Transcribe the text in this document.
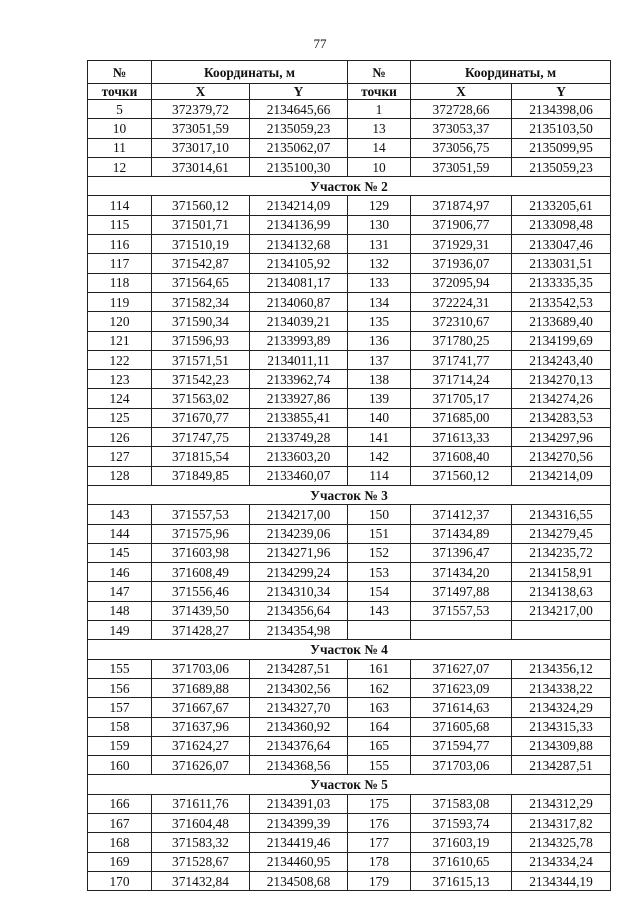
77
№	Координаты, м		№	Координаты, м	
точки	X	Y	точки	X	Y
5	372379,72	2134645,66	1	372728,66	2134398,06
10	373051,59	2135059,23	13	373053,37	2135103,50
11	373017,10	2135062,07	14	373056,75	2135099,95
12	373014,61	2135100,30	10	373051,59	2135059,23
Участок № 2					
114	371560,12	2134214,09	129	371874,97	2133205,61
115	371501,71	2134136,99	130	371906,77	2133098,48
116	371510,19	2134132,68	131	371929,31	2133047,46
117	371542,87	2134105,92	132	371936,07	2133031,51
118	371564,65	2134081,17	133	372095,94	2133335,35
119	371582,34	2134060,87	134	372224,31	2133542,53
120	371590,34	2134039,21	135	372310,67	2133689,40
121	371596,93	2133993,89	136	371780,25	2134199,69
122	371571,51	2134011,11	137	371741,77	2134243,40
123	371542,23	2133962,74	138	371714,24	2134270,13
124	371563,02	2133927,86	139	371705,17	2134274,26
125	371670,77	2133855,41	140	371685,00	2134283,53
126	371747,75	2133749,28	141	371613,33	2134297,96
127	371815,54	2133603,20	142	371608,40	2134270,56
128	371849,85	2133460,07	114	371560,12	2134214,09
Участок № 3					
143	371557,53	2134217,00	150	371412,37	2134316,55
144	371575,96	2134239,06	151	371434,89	2134279,45
145	371603,98	2134271,96	152	371396,47	2134235,72
146	371608,49	2134299,24	153	371434,20	2134158,91
147	371556,46	2134310,34	154	371497,88	2134138,63
148	371439,50	2134356,64	143	371557,53	2134217,00
149	371428,27	2134354,98			
Участок № 4					
155	371703,06	2134287,51	161	371627,07	2134356,12
156	371689,88	2134302,56	162	371623,09	2134338,22
157	371667,67	2134327,70	163	371614,63	2134324,29
158	371637,96	2134360,92	164	371605,68	2134315,33
159	371624,27	2134376,64	165	371594,77	2134309,88
160	371626,07	2134368,56	155	371703,06	2134287,51
Участок № 5					
166	371611,76	2134391,03	175	371583,08	2134312,29
167	371604,48	2134399,39	176	371593,74	2134317,82
168	371583,32	2134419,46	177	371603,19	2134325,78
169	371528,67	2134460,95	178	371610,65	2134334,24
170	371432,84	2134508,68	179	371615,13	2134344,19
